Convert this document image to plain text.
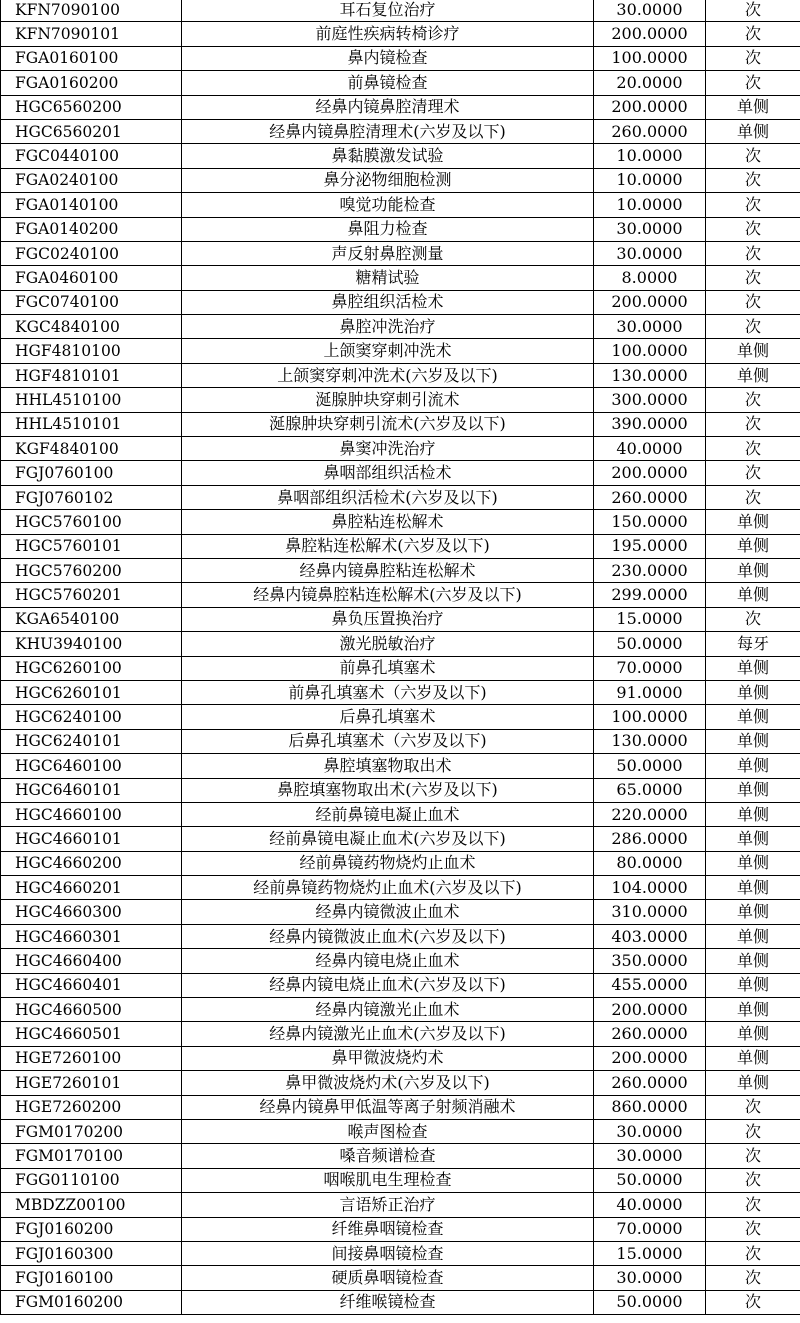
KFN7090100	耳石复位治疗	30.0000	次
KFN7090101	前庭性疾病转椅诊疗	200.0000	次
FGA0160100	鼻内镜检查	100.0000	次
FGA0160200	前鼻镜检查	20.0000	次
HGC6560200	经鼻内镜鼻腔清理术	200.0000	单侧
HGC6560201	经鼻内镜鼻腔清理术(六岁及以下)	260.0000	单侧
FGC0440100	鼻黏膜激发试验	10.0000	次
FGA0240100	鼻分泌物细胞检测	10.0000	次
FGA0140100	嗅觉功能检查	10.0000	次
FGA0140200	鼻阻力检查	30.0000	次
FGC0240100	声反射鼻腔测量	30.0000	次
FGA0460100	糖精试验	8.0000	次
FGC0740100	鼻腔组织活检术	200.0000	次
KGC4840100	鼻腔冲洗治疗	30.0000	次
HGF4810100	上颌窦穿刺冲洗术	100.0000	单侧
HGF4810101	上颌窦穿刺冲洗术(六岁及以下)	130.0000	单侧
HHL4510100	涎腺肿块穿刺引流术	300.0000	次
HHL4510101	涎腺肿块穿刺引流术(六岁及以下)	390.0000	次
KGF4840100	鼻窦冲洗治疗	40.0000	次
FGJ0760100	鼻咽部组织活检术	200.0000	次
FGJ0760102	鼻咽部组织活检术(六岁及以下)	260.0000	次
HGC5760100	鼻腔粘连松解术	150.0000	单侧
HGC5760101	鼻腔粘连松解术(六岁及以下)	195.0000	单侧
HGC5760200	经鼻内镜鼻腔粘连松解术	230.0000	单侧
HGC5760201	经鼻内镜鼻腔粘连松解术(六岁及以下)	299.0000	单侧
KGA6540100	鼻负压置换治疗	15.0000	次
KHU3940100	激光脱敏治疗	50.0000	每牙
HGC6260100	前鼻孔填塞术	70.0000	单侧
HGC6260101	前鼻孔填塞术（六岁及以下)	91.0000	单侧
HGC6240100	后鼻孔填塞术	100.0000	单侧
HGC6240101	后鼻孔填塞术（六岁及以下)	130.0000	单侧
HGC6460100	鼻腔填塞物取出术	50.0000	单侧
HGC6460101	鼻腔填塞物取出术(六岁及以下)	65.0000	单侧
HGC4660100	经前鼻镜电凝止血术	220.0000	单侧
HGC4660101	经前鼻镜电凝止血术(六岁及以下)	286.0000	单侧
HGC4660200	经前鼻镜药物烧灼止血术	80.0000	单侧
HGC4660201	经前鼻镜药物烧灼止血术(六岁及以下)	104.0000	单侧
HGC4660300	经鼻内镜微波止血术	310.0000	单侧
HGC4660301	经鼻内镜微波止血术(六岁及以下)	403.0000	单侧
HGC4660400	经鼻内镜电烧止血术	350.0000	单侧
HGC4660401	经鼻内镜电烧止血术(六岁及以下)	455.0000	单侧
HGC4660500	经鼻内镜激光止血术	200.0000	单侧
HGC4660501	经鼻内镜激光止血术(六岁及以下)	260.0000	单侧
HGE7260100	鼻甲微波烧灼术	200.0000	单侧
HGE7260101	鼻甲微波烧灼术(六岁及以下)	260.0000	单侧
HGE7260200	经鼻内镜鼻甲低温等离子射频消融术	860.0000	次
FGM0170200	喉声图检查	30.0000	次
FGM0170100	嗓音频谱检查	30.0000	次
FGG0110100	咽喉肌电生理检查	50.0000	次
MBDZZ00100	言语矫正治疗	40.0000	次
FGJ0160200	纤维鼻咽镜检查	70.0000	次
FGJ0160300	间接鼻咽镜检查	15.0000	次
FGJ0160100	硬质鼻咽镜检查	30.0000	次
FGM0160200	纤维喉镜检查	50.0000	次
